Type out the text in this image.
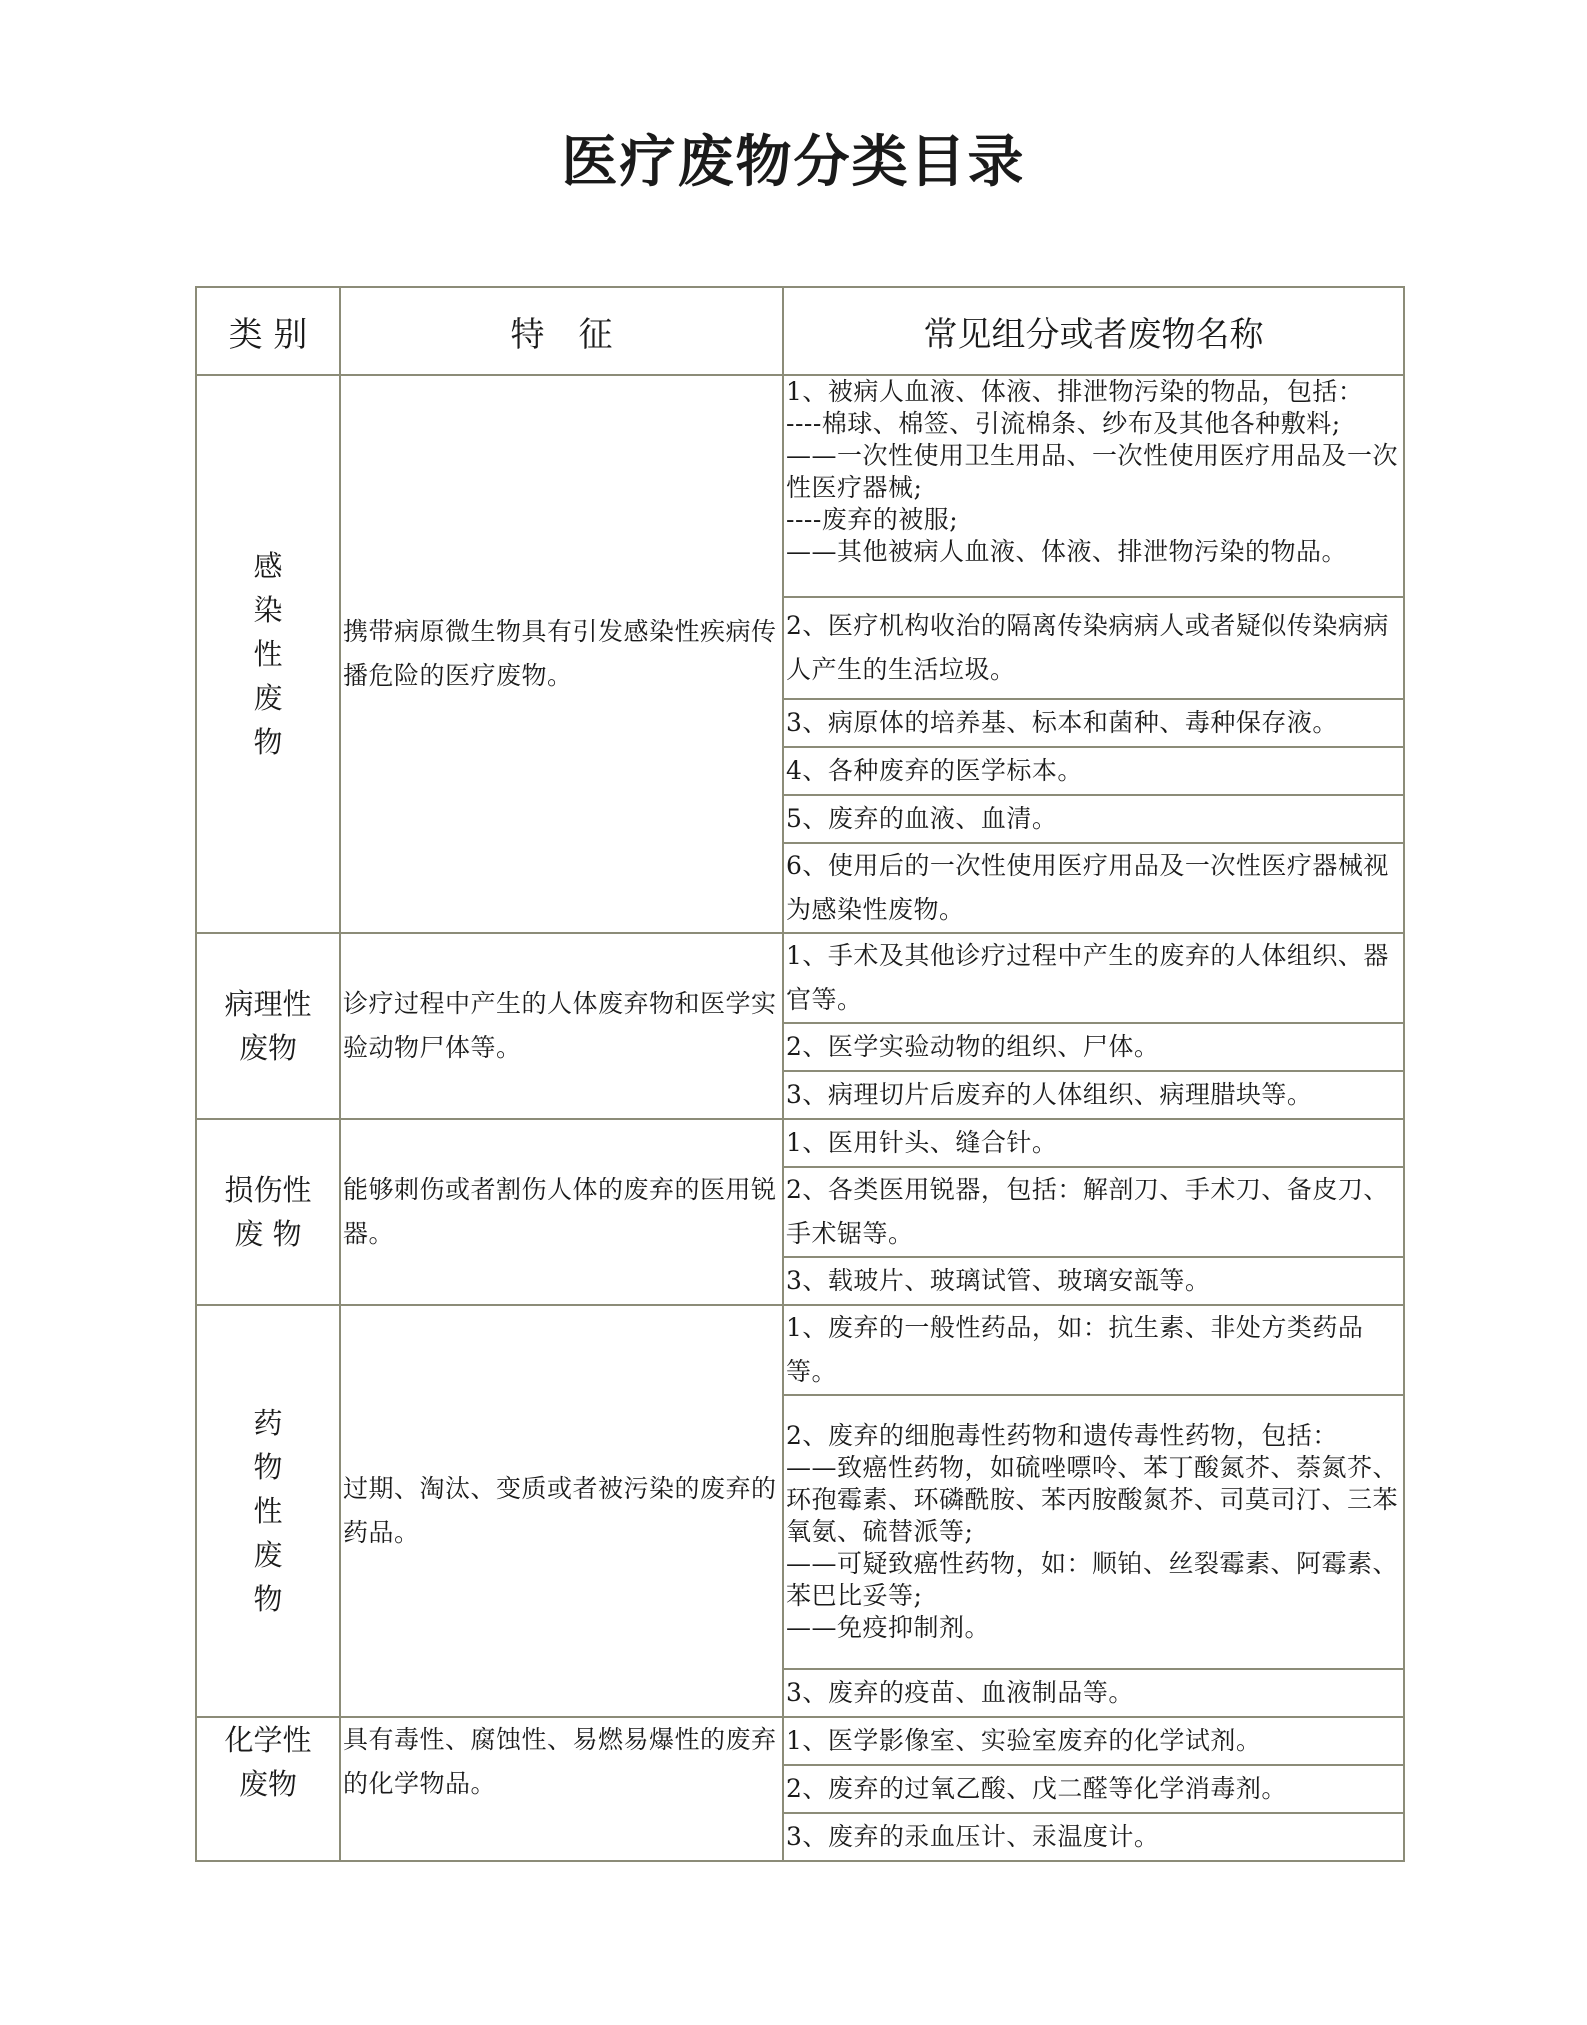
医疗废物分类目录
类 别	特　征	常见组分或者废物名称

感
染
性
废
物	携带病原微生物具有引发感染性疾病传播危险的医疗废物。	1、被病人血液、体液、排泄物污染的物品，包括：
----棉球、棉签、引流棉条、纱布及其他各种敷料;
——一次性使用卫生用品、一次性使用医疗用品及一次性医疗器械;
----废弃的被服;
——其他被病人血液、体液、排泄物污染的物品。

		2、医疗机构收治的隔离传染病病人或者疑似传染病病人产生的生活垃圾。
		3、病原体的培养基、标本和菌种、毒种保存液。
		4、各种废弃的医学标本。
		5、废弃的血液、血清。
		6、使用后的一次性使用医疗用品及一次性医疗器械视为感染性废物。

病理性
废物	诊疗过程中产生的人体废弃物和医学实验动物尸体等。	1、手术及其他诊疗过程中产生的废弃的人体组织、器官等。
		2、医学实验动物的组织、尸体。
		3、病理切片后废弃的人体组织、病理腊块等。

损伤性
废 物	能够刺伤或者割伤人体的废弃的医用锐器。	1、医用针头、缝合针。
		2、各类医用锐器，包括：解剖刀、手术刀、备皮刀、手术锯等。
		3、载玻片、玻璃试管、玻璃安瓿等。

药
物
性
废
物	过期、淘汰、变质或者被污染的废弃的药品。	1、废弃的一般性药品，如：抗生素、非处方类药品等。

		2、废弃的细胞毒性药物和遗传毒性药物，包括：
——致癌性药物，如硫唑嘌呤、苯丁酸氮芥、萘氮芥、环孢霉素、环磷酰胺、苯丙胺酸氮芥、司莫司汀、三苯氧氨、硫替派等;
——可疑致癌性药物，如：顺铂、丝裂霉素、阿霉素、苯巴比妥等;
——免疫抑制剂。

		3、废弃的疫苗、血液制品等。

化学性
废物	具有毒性、腐蚀性、易燃易爆性的废弃的化学物品。	1、医学影像室、实验室废弃的化学试剂。
		2、废弃的过氧乙酸、戊二醛等化学消毒剂。
		3、废弃的汞血压计、汞温度计。
